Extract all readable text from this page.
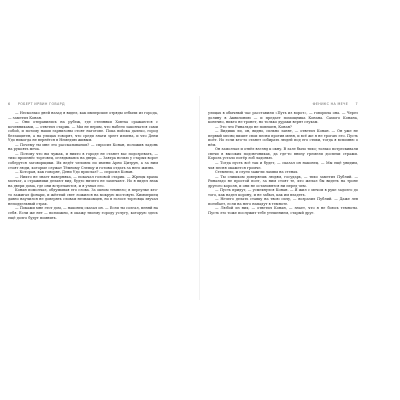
6 РОБЕРТ ИРВИН ГОВАРД

— Несколько дней назад я видел, как имперские отряды отбыли из города, — заметил Конан.

— Они отправились на рубеж, где степняки Ховтха сражаются с кочевниками, — ответил старик. — Мы не верим, что набеги закончатся сами собой, и потому наши гарнизоны стоят наготове. Пока войска далеко, город беззащитен, а на улицах говорят, что среди знати зреет измена, и что Дени Удо никогда не вернётся в Немедию живым.

— Почему ты мне это рассказываешь? — спросил Конан, положив ладонь на рукоять меча.

— Потому что вы чужак, и никто в городе не станет вас подозревать, — тихо произнёс торговец, оглядываясь на дверь. — Завтра ночью у старых ворот соберутся заговорщики. Их ведёт человек по имени Арно Цитрун, а за ним стоят люди, которые служат Тёмному Слепцу и готовы отдать за него жизнь.

— Которая, как говорят, Дени Удо прислал? — спросил Конан.

— Никто не знает наверняка, — покачал головой старик. — Жрецы храма молчат, а стражники делают вид, будто ничего не замечают. Но я видел знак на двери дома, где они встречаются, и я узнал его.

Конан помолчал, обдумывая его слова. За окном темнело; в переулке кто-то зажигал фонари, и жёлтый свет ложился на мокрую мостовую. Киммериец давно научился не доверять словам незнакомцев, но в голосе торговца звучал неподдельный страх.

— Покажи мне этот дом, — наконец сказал он. — Если ты солгал, пеняй на себя. Если же нет — возможно, я окажу твоему городу услугу, которую здесь ещё долго будут помнить.

ФЕНИКС НА МЕЧЕ 7

улицах в обычный час расставили «Путь из ворот», — говорила она. — Через долину в Аквилонию — и предает помощника Конана. Самого Конана, конечно, никто не тронет, но только дураки верят слухам.

— Это что Ринальдо не повешен, Конан?

— Видишь ли, он, видно, сильно занят, — ответил Конан. — Он уже не первый месяц пишет свои песни против меня, и всё же я не трогаю его. Пусть поёт. Но если кто-то станет собирать людей под его стихи, тогда я вспомню о нём.

Он замолчал и отвёл взгляд к окну. В зале было тихо; только потрескивали свечи в высоких подсвечниках, да где-то внизу гремели доспехи стражи. Король устало потёр лоб ладонью.

— Тогда пусть всё так и будет, — сказал он наконец. — Мы ещё увидим, чья песня окажется громче.

Стемнело, и слуги зажгли лампы на стенах.

— Ты слишком доверяешь людям, государь, — тихо заметил Публий. — Ринальдо не простой поэт, за ним стоят те, кто желал бы видеть на троне другого короля, и они не остановятся ни перед чем.

— Пусть придут, — усмехнулся Конан. — Я жил с мечом в руке задолго до того, как надел корону, и не забыл, как им владеть.

— Нечего делать ставку на твою силу, — возразил Публий. — Даже лев погибает, если на него нападут в темноте.

— Любой из них, — ответил Конан, — знает, что я не боюсь темноты. Пусть это тоже послужит тебе утешением, старый друг.
